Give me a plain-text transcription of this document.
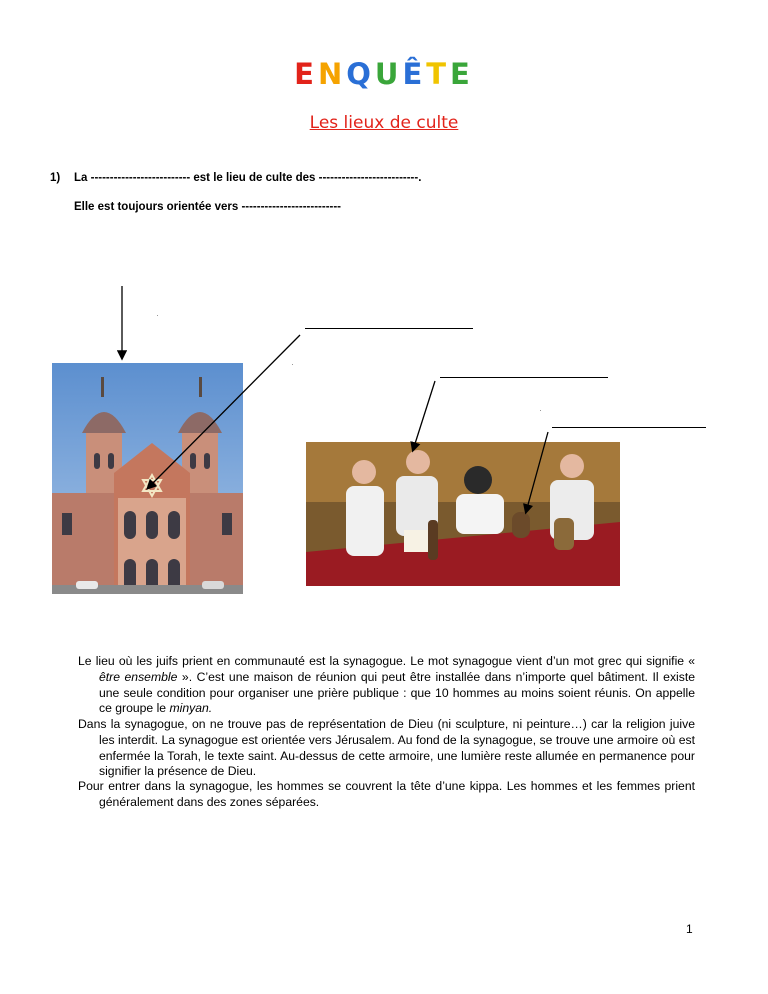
ENQUÊTE
Les lieux de culte
1) La -------------------------- est le lieu de culte des --------------------------.
Elle est toujours orientée vers --------------------------

Le lieu où les juifs prient en communauté est la synagogue. Le mot synagogue vient d’un mot grec qui signifie « être ensemble ». C’est une maison de réunion qui peut être installée dans n’importe quel bâtiment. Il existe une seule condition pour organiser une prière publique : que 10 hommes au moins soient réunis. On appelle ce groupe le minyan.

Dans la synagogue, on ne trouve pas de représentation de Dieu (ni sculpture, ni peinture…) car la religion juive les interdit. La synagogue est orientée vers Jérusalem. Au fond de la synagogue, se trouve une armoire où est enfermée la Torah, le texte saint. Au-dessus de cette armoire, une lumière reste allumée en permanence pour signifier la présence de Dieu.

Pour entrer dans la synagogue, les hommes se couvrent la tête d’une kippa. Les hommes et les femmes prient généralement dans des zones séparées.

1
